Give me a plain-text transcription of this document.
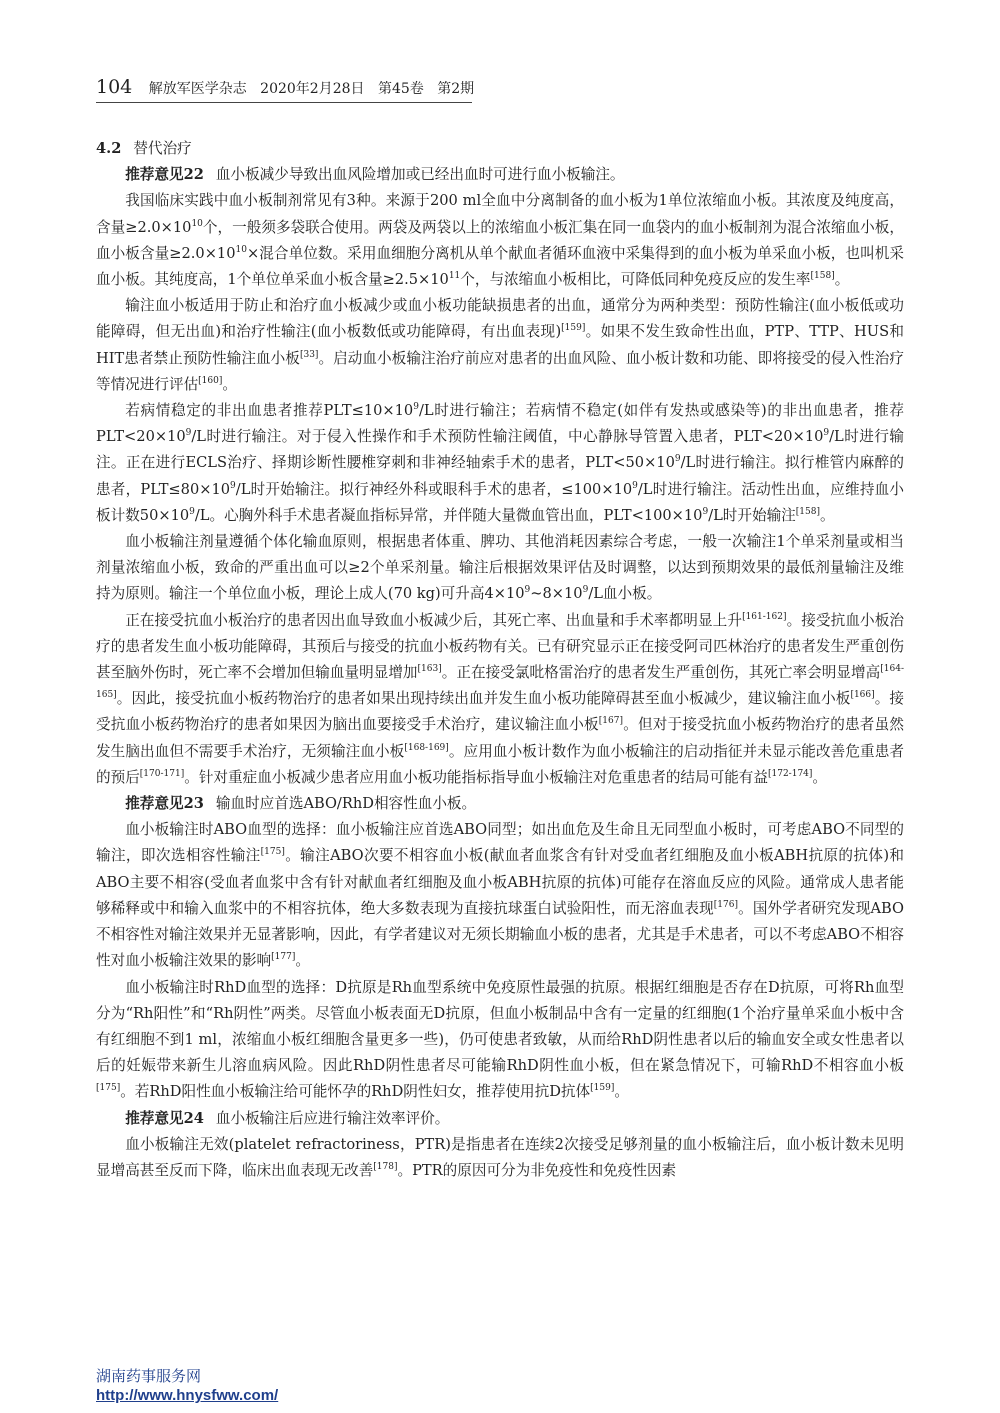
104 解放军医学杂志 2020年2月28日 第45卷 第2期

4.2 替代治疗

推荐意见22 血小板减少导致出血风险增加或已经出血时可进行血小板输注。

我国临床实践中血小板制剂常见有3种。来源于200 ml全血中分离制备的血小板为1单位浓缩血小板。其浓度及纯度高，含量$\ge 2.0\times 10^{10}$个，一般须多袋联合使用。两袋及两袋以上的浓缩血小板汇集在同一血袋内的血小板制剂为混合浓缩血小板，血小板含量$\ge 2.0\times 10^{10}\times$混合单位数。采用血细胞分离机从单个献血者循环血液中采集得到的血小板为单采血小板，也叫机采血小板。其纯度高，1个单位单采血小板含量$\ge 2.5\times 10^{11}$个，与浓缩血小板相比，可降低同种免疫反应的发生率[158]。

输注血小板适用于防止和治疗血小板减少或血小板功能缺损患者的出血，通常分为两种类型：预防性输注(血小板低或功能障碍，但无出血)和治疗性输注(血小板数低或功能障碍，有出血表现)[159]。如果不发生致命性出血，PTP、TTP、HUS和HIT患者禁止预防性输注血小板[33]。启动血小板输注治疗前应对患者的出血风险、血小板计数和功能、即将接受的侵入性治疗等情况进行评估[160]。

若病情稳定的非出血患者推荐$PLT\le 10\times 10^9/L$时进行输注；若病情不稳定(如伴有发热或感染等)的非出血患者，推荐$PLT<20\times 10^9/L$时进行输注。对于侵入性操作和手术预防性输注阈值，中心静脉导管置入患者，$PLT<20\times 10^9/L$时进行输注。正在进行ECLS治疗、择期诊断性腰椎穿刺和非神经轴索手术的患者，$PLT<50\times 10^9/L$时进行输注。拟行椎管内麻醉的患者，$PLT\le 80\times 10^9/L$时开始输注。拟行神经外科或眼科手术的患者，$\le 100\times 10^9/L$时进行输注。活动性出血，应维持血小板计数$50\times 10^9/L$。心胸外科手术患者凝血指标异常，并伴随大量微血管出血，$PLT<100\times 10^9/L$时开始输注[158]。

血小板输注剂量遵循个体化输血原则，根据患者体重、脾功、其他消耗因素综合考虑，一般一次输注1个单采剂量或相当剂量浓缩血小板，致命的严重出血可以≥2个单采剂量。输注后根据效果评估及时调整，以达到预期效果的最低剂量输注及维持为原则。输注一个单位血小板，理论上成人(70 kg)可升高$4\times 10^9\sim 8\times 10^9/L$血小板。

正在接受抗血小板治疗的患者因出血导致血小板减少后，其死亡率、出血量和手术率都明显上升[161-162]。接受抗血小板治疗的患者发生血小板功能障碍，其预后与接受的抗血小板药物有关。已有研究显示正在接受阿司匹林治疗的患者发生严重创伤甚至脑外伤时，死亡率不会增加但输血量明显增加[163]。正在接受氯吡格雷治疗的患者发生严重创伤，其死亡率会明显增高[164-165]。因此，接受抗血小板药物治疗的患者如果出现持续出血并发生血小板功能障碍甚至血小板减少，建议输注血小板[166]。接受抗血小板药物治疗的患者如果因为脑出血要接受手术治疗，建议输注血小板[167]。但对于接受抗血小板药物治疗的患者虽然发生脑出血但不需要手术治疗，无须输注血小板[168-169]。应用血小板计数作为血小板输注的启动指征并未显示能改善危重患者的预后[170-171]。针对重症血小板减少患者应用血小板功能指标指导血小板输注对危重患者的结局可能有益[172-174]。

推荐意见23 输血时应首选ABO/RhD相容性血小板。

血小板输注时ABO血型的选择：血小板输注应首选ABO同型；如出血危及生命且无同型血小板时，可考虑ABO不同型的输注，即次选相容性输注[175]。输注ABO次要不相容血小板(献血者血浆含有针对受血者红细胞及血小板ABH抗原的抗体)和ABO主要不相容(受血者血浆中含有针对献血者红细胞及血小板ABH抗原的抗体)可能存在溶血反应的风险。通常成人患者能够稀释或中和输入血浆中的不相容抗体，绝大多数表现为直接抗球蛋白试验阳性，而无溶血表现[176]。国外学者研究发现ABO不相容性对输注效果并无显著影响，因此，有学者建议对无须长期输血小板的患者，尤其是手术患者，可以不考虑ABO不相容性对血小板输注效果的影响[177]。

血小板输注时RhD血型的选择：D抗原是Rh血型系统中免疫原性最强的抗原。根据红细胞是否存在D抗原，可将Rh血型分为“Rh阳性”和“Rh阴性”两类。尽管血小板表面无D抗原，但血小板制品中含有一定量的红细胞(1个治疗量单采血小板中含有红细胞不到1 ml，浓缩血小板红细胞含量更多一些)，仍可使患者致敏，从而给RhD阴性患者以后的输血安全或女性患者以后的妊娠带来新生儿溶血病风险。因此RhD阴性患者尽可能输RhD阴性血小板，但在紧急情况下，可输RhD不相容血小板[175]。若RhD阳性血小板输注给可能怀孕的RhD阴性妇女，推荐使用抗D抗体[159]。

推荐意见24 血小板输注后应进行输注效率评价。

血小板输注无效(platelet refractoriness，PTR)是指患者在连续2次接受足够剂量的血小板输注后，血小板计数未见明显增高甚至反而下降，临床出血表现无改善[178]。PTR的原因可分为非免疫性和免疫性因素

湖南药事服务网
http://www.hnysfww.com/
